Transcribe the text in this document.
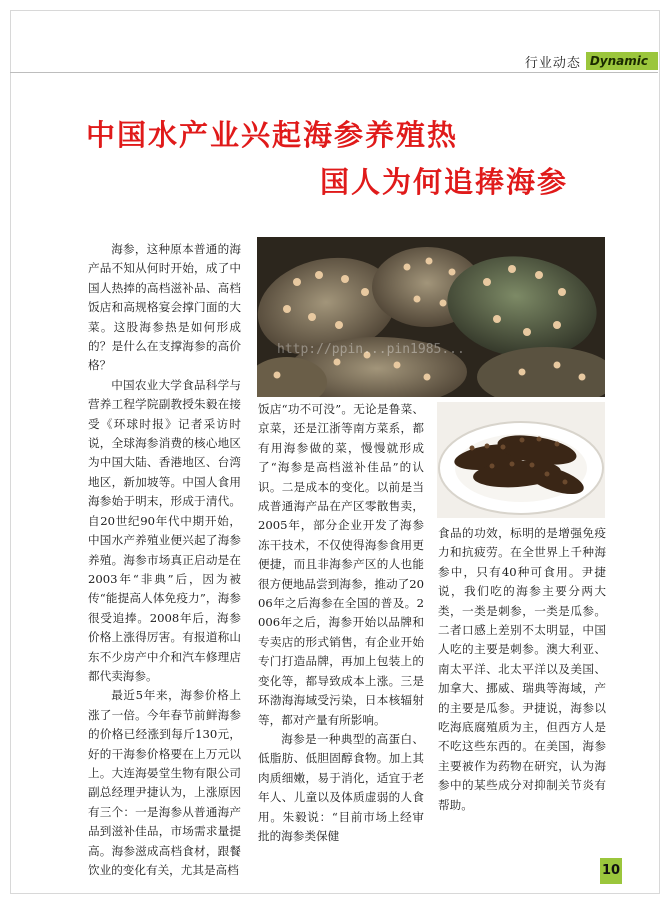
行业动态 Dynamic
中国水产业兴起海参养殖热
国人为何追捧海参
http://ppin...pin1985...

海参，这种原本普通的海产品不知从何时开始，成了中国人热捧的高档滋补品、高档饭店和高规格宴会撑门面的大菜。这股海参热是如何形成的？是什么在支撑海参的高价格？

中国农业大学食品科学与营养工程学院副教授朱毅在接受《环球时报》记者采访时说，全球海参消费的核心地区为中国大陆、香港地区、台湾地区，新加坡等。中国人食用海参始于明末，形成于清代。自20世纪90年代中期开始，中国水产养殖业便兴起了海参养殖。海参市场真正启动是在2003年“非典”后，因为被传“能提高人体免疫力”，海参很受追捧。2008年后，海参价格上涨得厉害。有报道称山东不少房产中介和汽车修理店都代卖海参。

最近5年来，海参价格上涨了一倍。今年春节前鲜海参的价格已经涨到每斤130元，好的干海参价格要在上万元以上。大连海晏堂生物有限公司副总经理尹捷认为，上涨原因有三个：一是海参从普通海产品到滋补佳品，市场需求量提高。海参滋成高档食材，跟餐饮业的变化有关，尤其是高档

饭店“功不可没”。无论是鲁菜、京菜，还是江浙等南方菜系，都有用海参做的菜，慢慢就形成了“海参是高档滋补佳品”的认识。二是成本的变化。以前是当成普通海产品在产区零散售卖，2005年，部分企业开发了海参冻干技术，不仅使得海参食用更便捷，而且非海参产区的人也能很方便地品尝到海参，推动了2006年之后海参在全国的普及。2006年之后，海参开始以品牌和专卖店的形式销售，有企业开始专门打造品牌，再加上包装上的变化等，都导致成本上涨。三是环渤海海域受污染，日本核辐射等，都对产量有所影响。

海参是一种典型的高蛋白、低脂肪、低胆固醇食物。加上其肉质细嫩，易于消化，适宜于老年人、儿童以及体质虚弱的人食用。朱毅说：“目前市场上经审批的海参类保健

食品的功效，标明的是增强免疫力和抗疲劳。在全世界上千种海参中，只有40种可食用。尹捷说，我们吃的海参主要分两大类，一类是刺参，一类是瓜参。二者口感上差别不太明显，中国人吃的主要是刺参。澳大利亚、南太平洋、北太平洋以及美国、加拿大、挪威、瑞典等海域，产的主要是瓜参。尹捷说，海参以吃海底腐殖质为主，但西方人是不吃这些东西的。在美国，海参主要被作为药物在研究，认为海参中的某些成分对抑制关节炎有帮助。

10
